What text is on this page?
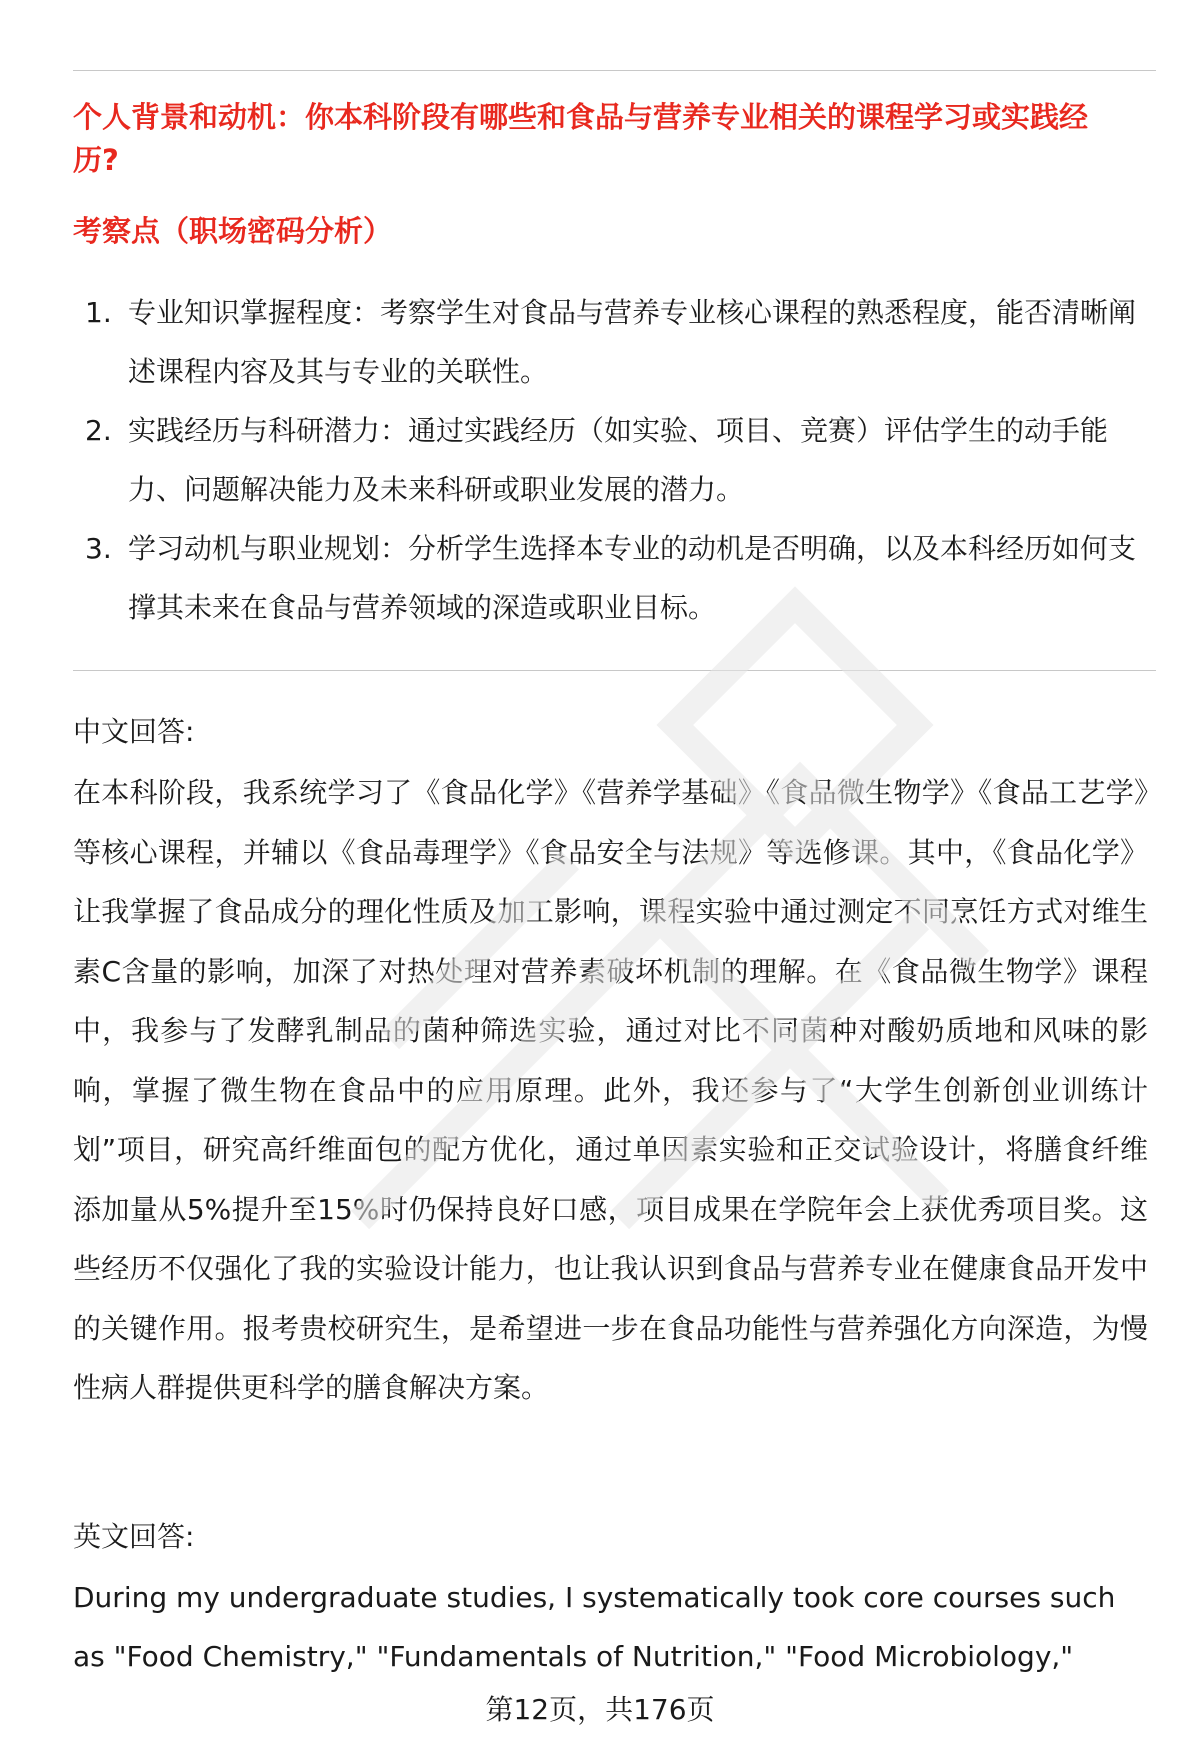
个人背景和动机：你本科阶段有哪些和食品与营养专业相关的课程学习或实践经历?
考察点（职场密码分析）
1. 专业知识掌握程度：考察学生对食品与营养专业核心课程的熟悉程度，能否清晰阐述课程内容及其与专业的关联性。
2. 实践经历与科研潜力：通过实践经历（如实验、项目、竞赛）评估学生的动手能力、问题解决能力及未来科研或职业发展的潜力。
3. 学习动机与职业规划：分析学生选择本专业的动机是否明确，以及本科经历如何支撑其未来在食品与营养领域的深造或职业目标。

中文回答:

在本科阶段，我系统学习了《食品化学》《营养学基础》《食品微生物学》《食品工艺学》等核心课程，并辅以《食品毒理学》《食品安全与法规》等选修课。其中，《食品化学》让我掌握了食品成分的理化性质及加工影响，课程实验中通过测定不同烹饪方式对维生素C含量的影响，加深了对热处理对营养素破坏机制的理解。在《食品微生物学》课程中，我参与了发酵乳制品的菌种筛选实验，通过对比不同菌种对酸奶质地和风味的影响，掌握了微生物在食品中的应用原理。此外，我还参与了“大学生创新创业训练计划”项目，研究高纤维面包的配方优化，通过单因素实验和正交试验设计，将膳食纤维添加量从5%提升至15%时仍保持良好口感，项目成果在学院年会上获优秀项目奖。这些经历不仅强化了我的实验设计能力，也让我认识到食品与营养专业在健康食品开发中的关键作用。报考贵校研究生，是希望进一步在食品功能性与营养强化方向深造，为慢性病人群提供更科学的膳食解决方案。

英文回答:

During my undergraduate studies, I systematically took core courses such as "Food Chemistry," "Fundamentals of Nutrition," "Food Microbiology,"

第12页，共176页
